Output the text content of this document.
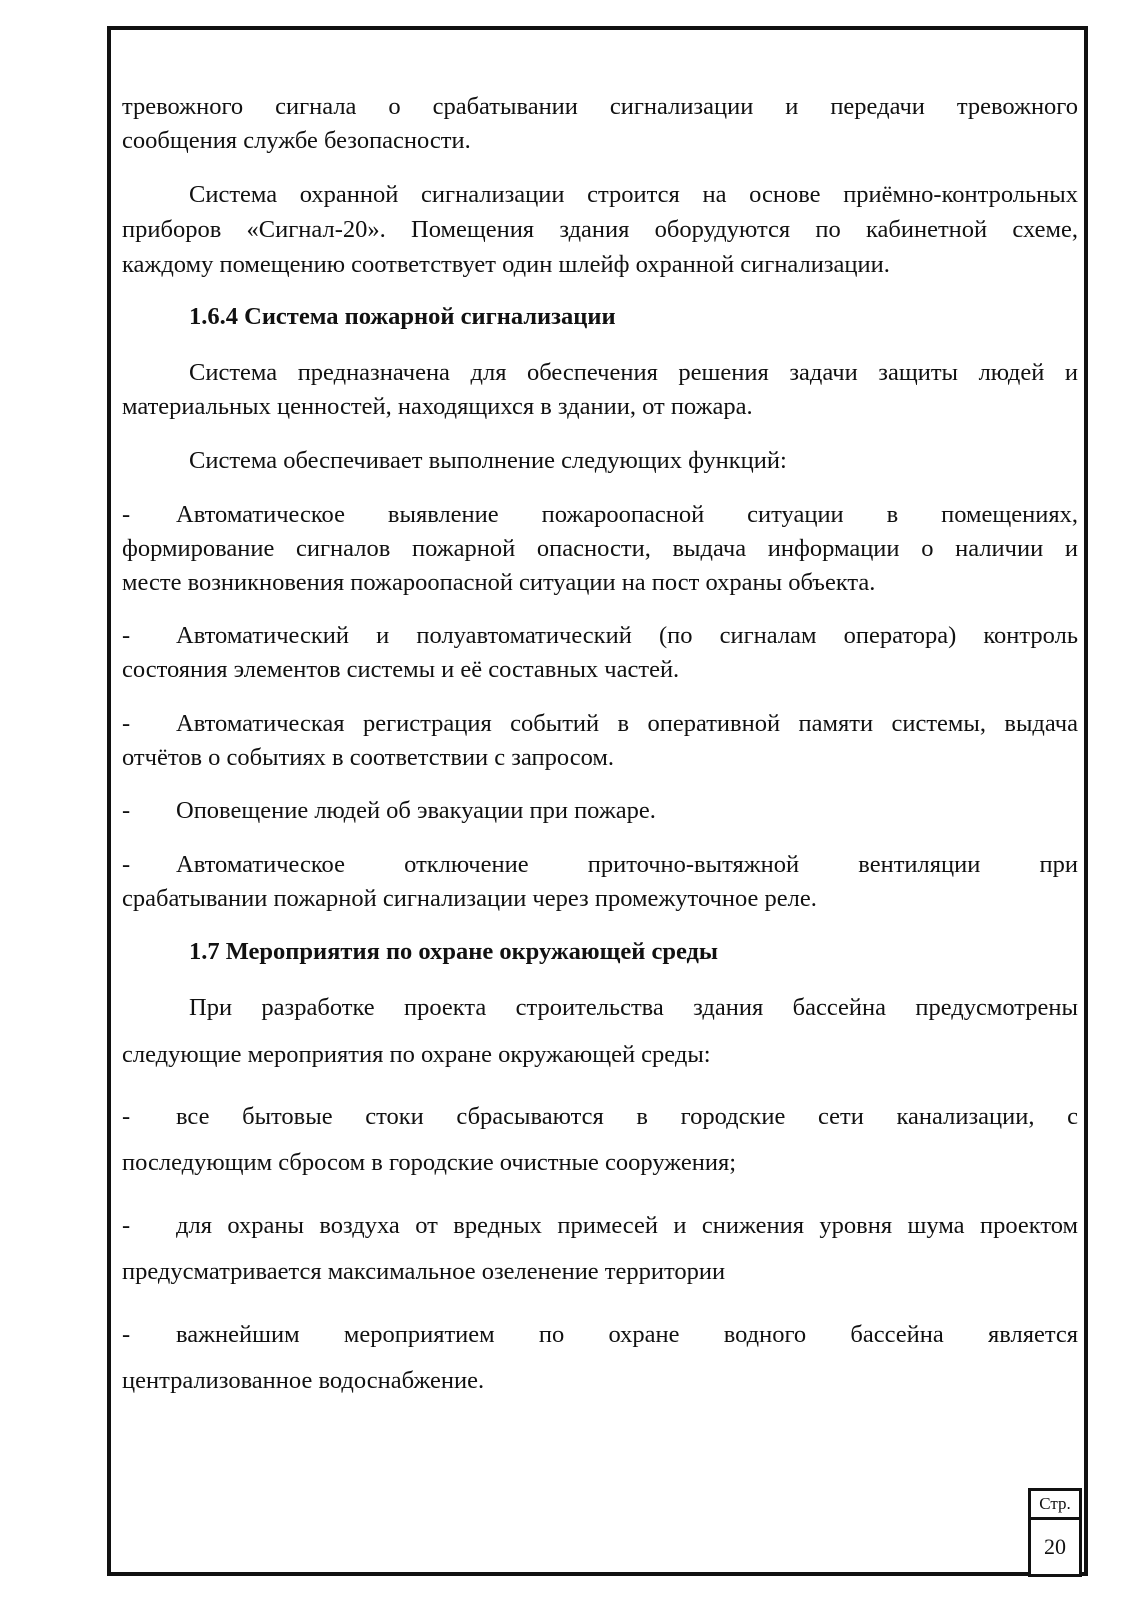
тревожного сигнала о срабатывании сигнализации и передачи тревожного
сообщения службе безопасности.
Система охранной сигнализации строится на основе приёмно-контрольных
приборов «Сигнал-20». Помещения здания оборудуются по кабинетной схеме,
каждому помещению соответствует один шлейф охранной сигнализации.
1.6.4 Система пожарной сигнализации
Система предназначена для обеспечения решения задачи защиты людей и
материальных ценностей, находящихся в здании, от пожара.
Система обеспечивает выполнение следующих функций:
- Автоматическое выявление пожароопасной ситуации в помещениях,
формирование сигналов пожарной опасности, выдача информации о наличии и
месте возникновения пожароопасной ситуации на пост охраны объекта.
- Автоматический и полуавтоматический (по сигналам оператора) контроль
состояния элементов системы и её составных частей.
- Автоматическая регистрация событий в оперативной памяти системы, выдача
отчётов о событиях в соответствии с запросом.
- Оповещение людей об эвакуации при пожаре.
- Автоматическое отключение приточно-вытяжной вентиляции при
срабатывании пожарной сигнализации через промежуточное реле.
1.7 Мероприятия по охране окружающей среды
При разработке проекта строительства здания бассейна предусмотрены
следующие мероприятия по охране окружающей среды:
- все бытовые стоки сбрасываются в городские сети канализации, с
последующим сбросом в городские очистные сооружения;
- для охраны воздуха от вредных примесей и снижения уровня шума проектом
предусматривается максимальное озеленение территории
- важнейшим мероприятием по охране водного бассейна является
централизованное водоснабжение.
Стр.
20
